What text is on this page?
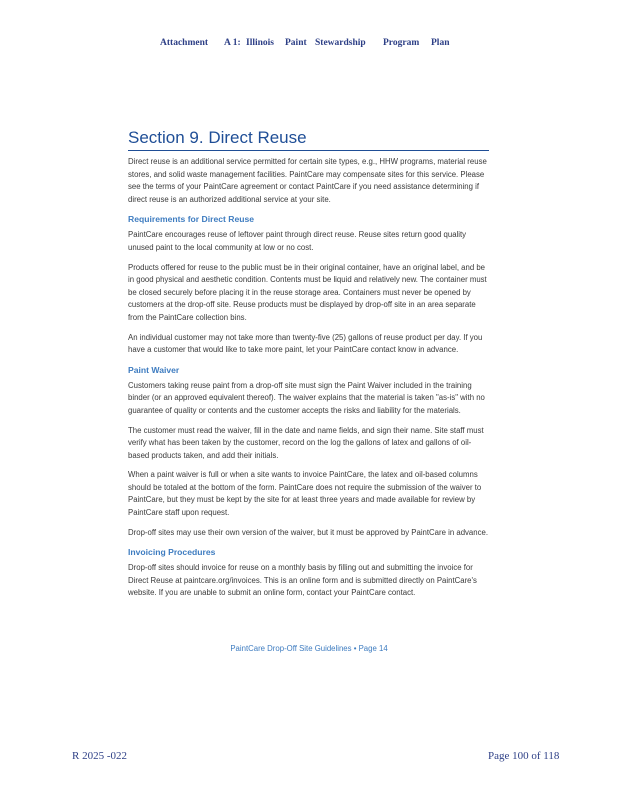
Attachment A 1: Illinois Paint Stewardship Program Plan
Section 9. Direct Reuse

Direct reuse is an additional service permitted for certain site types, e.g., HHW programs, material reuse stores, and solid waste management facilities. PaintCare may compensate sites for this service. Please see the terms of your PaintCare agreement or contact PaintCare if you need assistance determining if direct reuse is an authorized additional service at your site.

Requirements for Direct Reuse

PaintCare encourages reuse of leftover paint through direct reuse. Reuse sites return good quality unused paint to the local community at low or no cost.

Products offered for reuse to the public must be in their original container, have an original label, and be in good physical and aesthetic condition. Contents must be liquid and relatively new. The container must be closed securely before placing it in the reuse storage area. Containers must never be opened by customers at the drop-off site. Reuse products must be displayed by drop-off site in an area separate from the PaintCare collection bins.

An individual customer may not take more than twenty-five (25) gallons of reuse product per day. If you have a customer that would like to take more paint, let your PaintCare contact know in advance.

Paint Waiver

Customers taking reuse paint from a drop-off site must sign the Paint Waiver included in the training binder (or an approved equivalent thereof). The waiver explains that the material is taken "as-is" with no guarantee of quality or contents and the customer accepts the risks and liability for the materials.

The customer must read the waiver, fill in the date and name fields, and sign their name. Site staff must verify what has been taken by the customer, record on the log the gallons of latex and gallons of oil-based products taken, and add their initials.

When a paint waiver is full or when a site wants to invoice PaintCare, the latex and oil-based columns should be totaled at the bottom of the form. PaintCare does not require the submission of the waiver to PaintCare, but they must be kept by the site for at least three years and made available for review by PaintCare staff upon request.

Drop-off sites may use their own version of the waiver, but it must be approved by PaintCare in advance.

Invoicing Procedures

Drop-off sites should invoice for reuse on a monthly basis by filling out and submitting the invoice for Direct Reuse at paintcare.org/invoices. This is an online form and is submitted directly on PaintCare's website. If you are unable to submit an online form, contact your PaintCare contact.

PaintCare Drop-Off Site Guidelines • Page 14
R 2025 -022	Page 100 of 118
